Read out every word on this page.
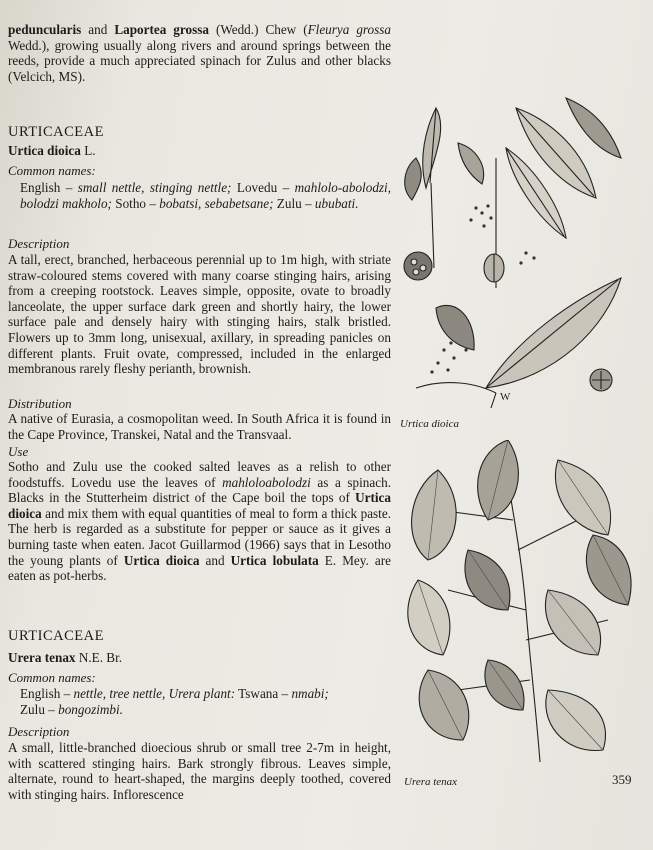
peduncularis and Laportea grossa (Wedd.) Chew (Fleurya grossa Wedd.), growing usually along rivers and around springs between the reeds, provide a much appreciated spinach for Zulus and other blacks (Velcich, MS).
URTICACEAE
Urtica dioica L.
Common names:
English – small nettle, stinging nettle; Lovedu – mahlolo-abolodzi, bolodzi makholo; Sotho – bobatsi, sebabetsane; Zulu – ububati.
Description
A tall, erect, branched, herbaceous perennial up to 1m high, with striate straw-coloured stems covered with many coarse stinging hairs, arising from a creeping rootstock. Leaves simple, opposite, ovate to broadly lanceolate, the upper surface dark green and shortly hairy, the lower surface pale and densely hairy with stinging hairs, stalk bristled. Flowers up to 3mm long, unisexual, axillary, in spreading panicles on different plants. Fruit ovate, compressed, included in the enlarged membranous rarely fleshy perianth, brownish.
Distribution
A native of Eurasia, a cosmopolitan weed. In South Africa it is found in the Cape Province, Transkei, Natal and the Transvaal.
Use
Sotho and Zulu use the cooked salted leaves as a relish to other foodstuffs. Lovedu use the leaves of mahloloabolodzi as a spinach. Blacks in the Stutterheim district of the Cape boil the tops of Urtica dioica and mix them with equal quantities of meal to form a thick paste. The herb is regarded as a substitute for pepper or sauce as it gives a burning taste when eaten. Jacot Guillarmod (1966) says that in Lesotho the young plants of Urtica dioica and Urtica lobulata E. Mey. are eaten as pot-herbs.
URTICACEAE
Urera tenax N.E. Br.
Common names:
English – nettle, tree nettle, Urera plant: Tswana – nmabi;
Zulu – bongozimbi.
Description
A small, little-branched dioecious shrub or small tree 2-7m in height, with scattered stinging hairs. Bark strongly fibrous. Leaves simple, alternate, round to heart-shaped, the margins deeply toothed, covered with stinging hairs. Inflorescence
W
Urtica dioica
Urera tenax	359
